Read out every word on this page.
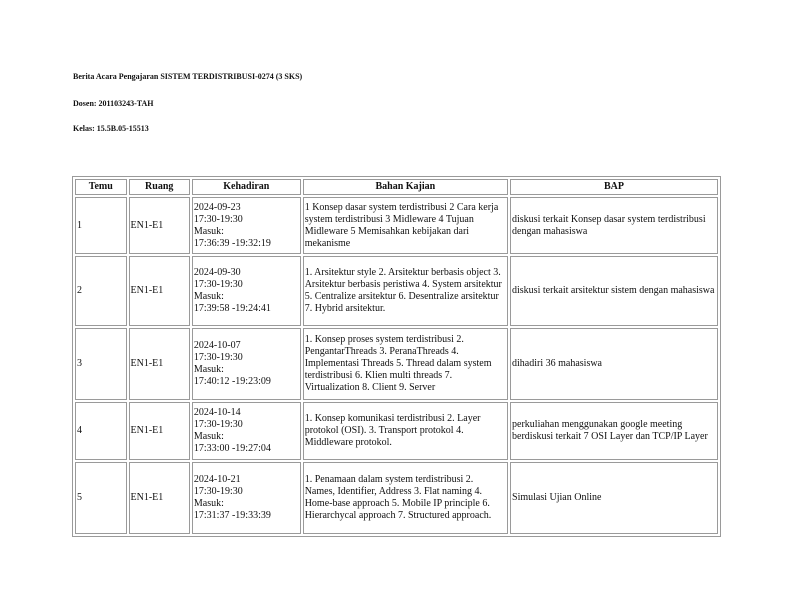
Berita Acara Pengajaran SISTEM TERDISTRIBUSI-0274 (3 SKS)
Dosen: 201103243-TAH
Kelas: 15.5B.05-15513
Temu	Ruang	Kehadiran	Bahan Kajian	BAP
1	EN1-E1	2024-09-23
17:30-19:30
Masuk:
17:36:39 -19:32:19	1 Konsep dasar system terdistribusi 2 Cara kerja system terdistribusi 3 Midleware 4 Tujuan Midleware 5 Memisahkan kebijakan dari mekanisme	diskusi terkait Konsep dasar system terdistribusi dengan mahasiswa
2	EN1-E1	2024-09-30
17:30-19:30
Masuk:
17:39:58 -19:24:41	1. Arsitektur style 2. Arsitektur berbasis object 3. Arsitektur berbasis peristiwa 4. System arsitektur 5. Centralize arsitektur 6. Desentralize arsitektur 7. Hybrid arsitektur.	diskusi terkait arsitektur sistem dengan mahasiswa
3	EN1-E1	2024-10-07
17:30-19:30
Masuk:
17:40:12 -19:23:09	1. Konsep proses system terdistribusi 2. PengantarThreads 3. PeranaThreads 4. Implementasi Threads 5. Thread dalam system terdistribusi 6. Klien multi threads 7. Virtualization 8. Client 9. Server	dihadiri 36 mahasiswa
4	EN1-E1	2024-10-14
17:30-19:30
Masuk:
17:33:00 -19:27:04	1. Konsep komunikasi terdistribusi 2. Layer protokol (OSI). 3. Transport protokol 4. Middleware protokol.	perkuliahan menggunakan google meeting berdiskusi terkait 7 OSI Layer dan TCP/IP Layer
5	EN1-E1	2024-10-21
17:30-19:30
Masuk:
17:31:37 -19:33:39	1. Penamaan dalam system terdistribusi 2. Names, Identifier, Address 3. Flat naming 4. Home-base approach 5. Mobile IP principle 6. Hierarchycal approach 7. Structured approach.	Simulasi Ujian Online
